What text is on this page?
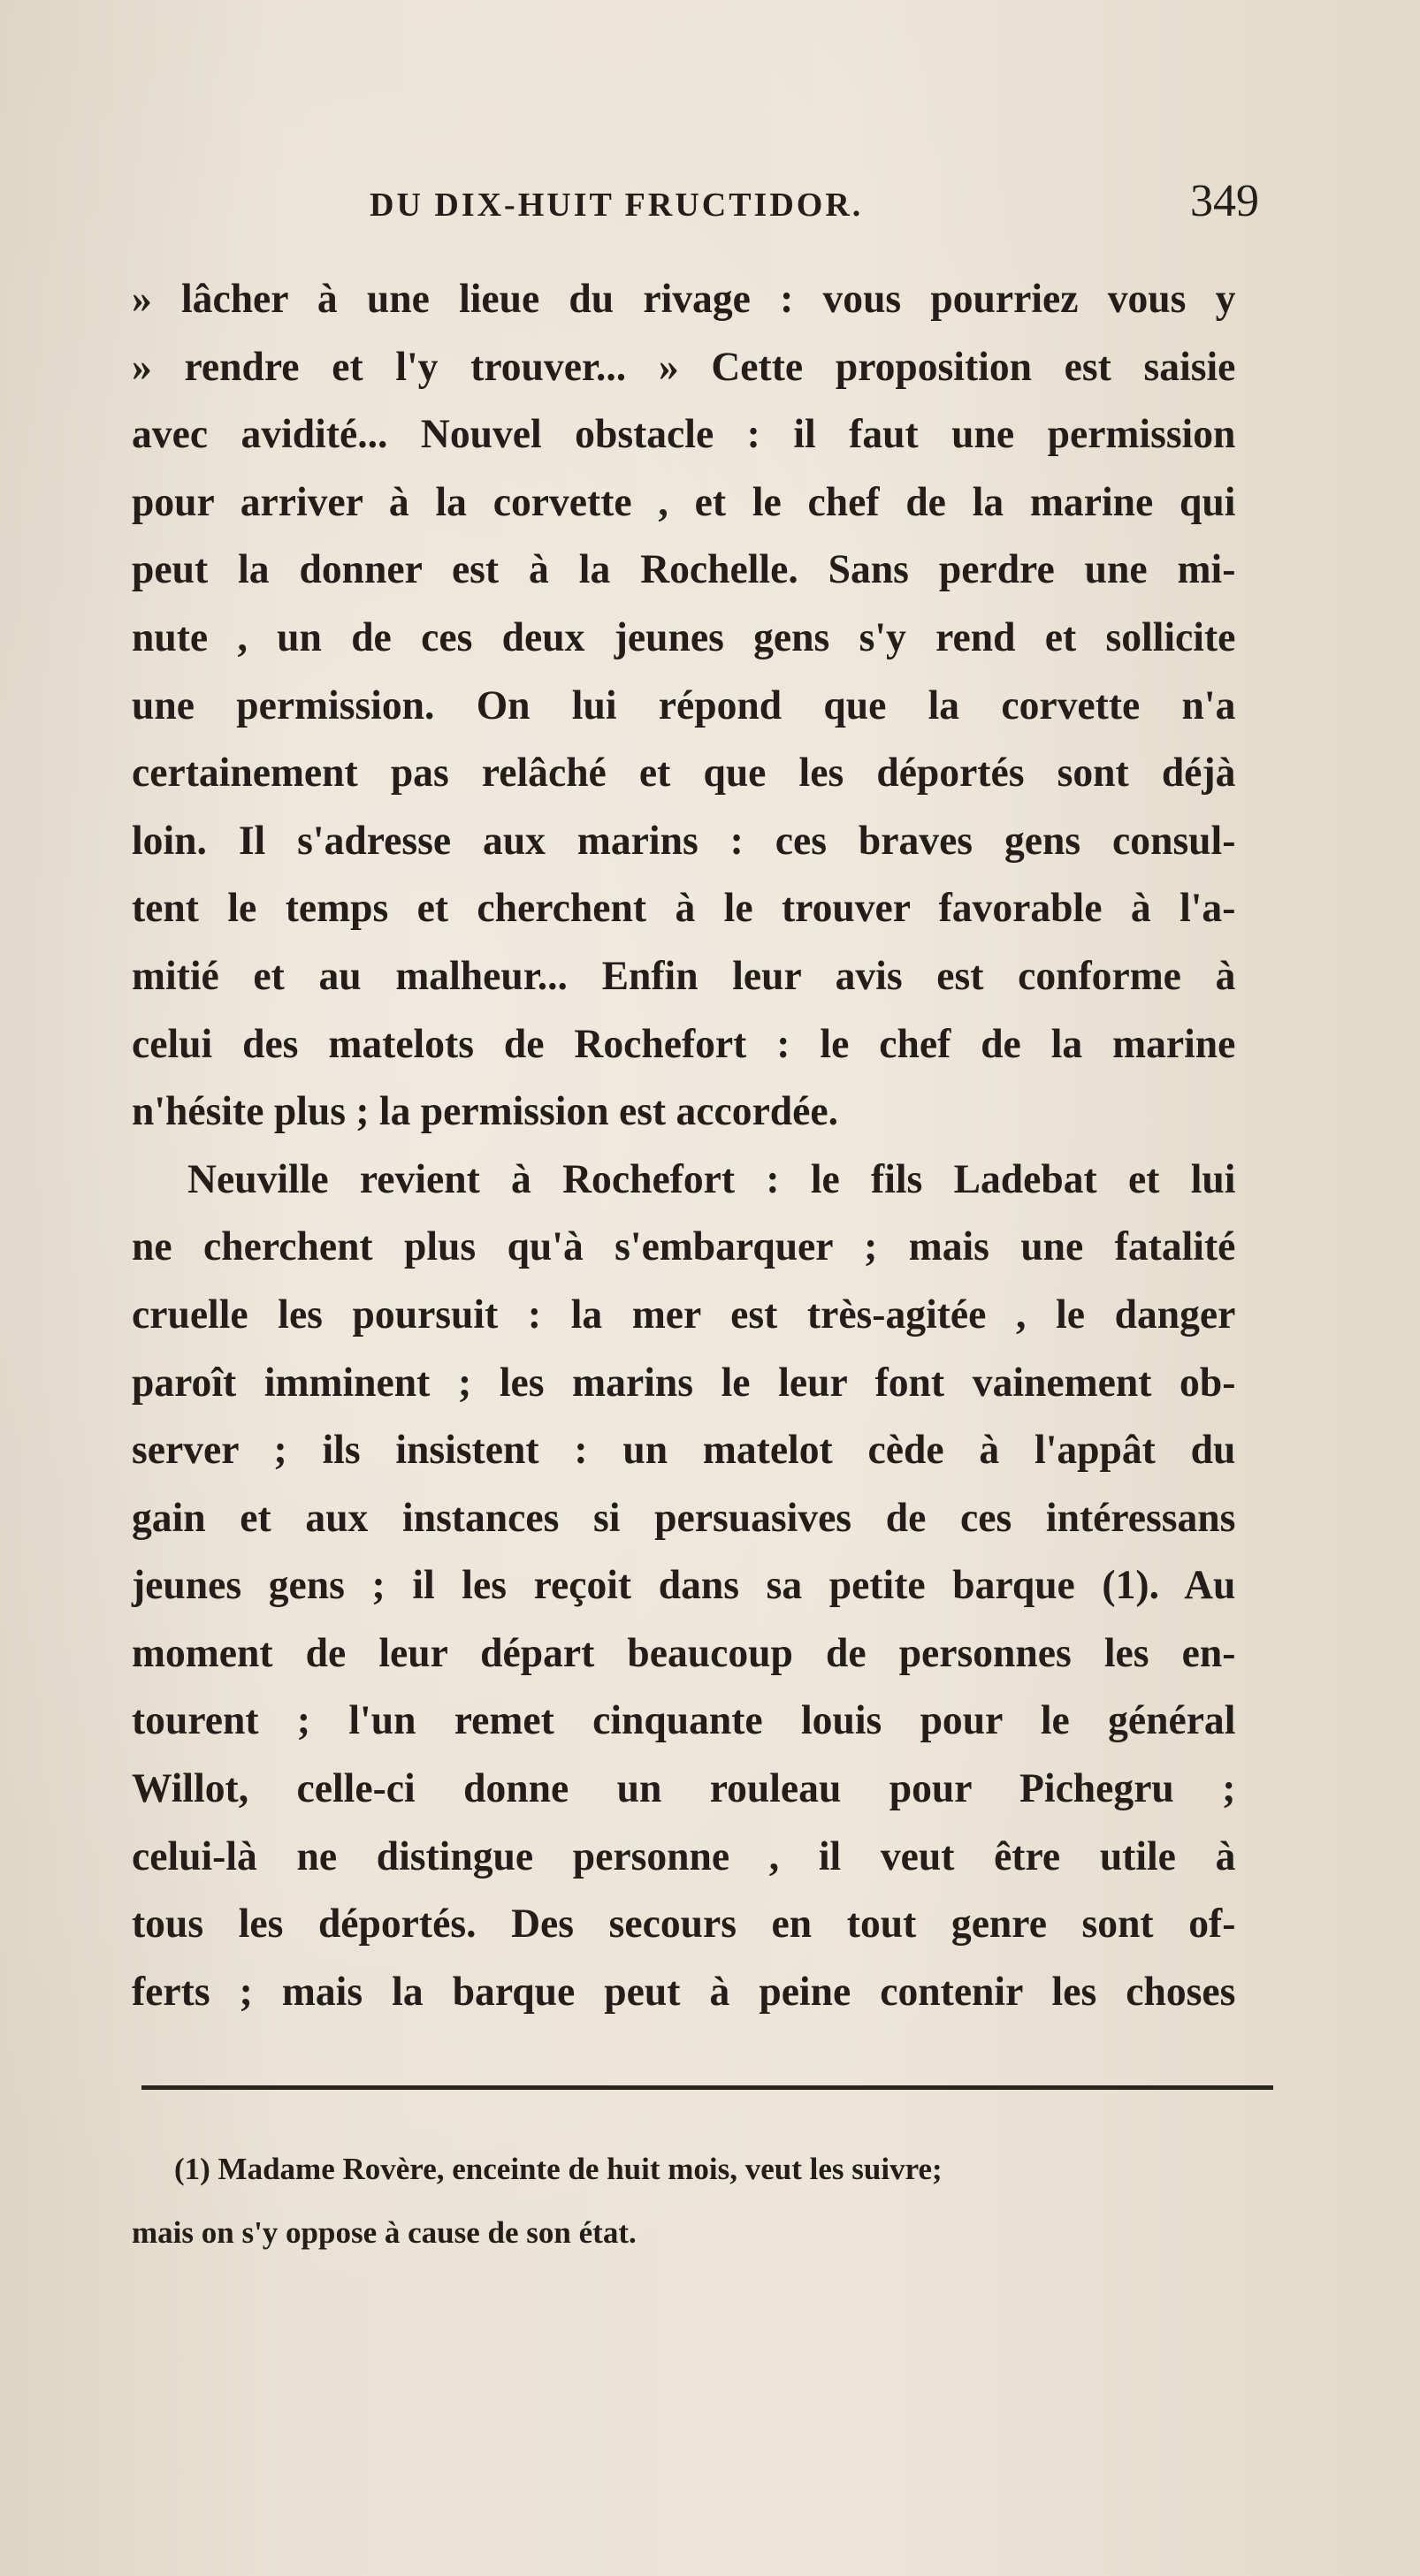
DU DIX-HUIT FRUCTIDOR.	349
» lâcher à une lieue du rivage : vous pourriez vous y
» rendre et l'y trouver... » Cette proposition est saisie
avec avidité... Nouvel obstacle : il faut une permission
pour arriver à la corvette , et le chef de la marine qui
peut la donner est à la Rochelle. Sans perdre une mi-
nute , un de ces deux jeunes gens s'y rend et sollicite
une permission. On lui répond que la corvette n'a
certainement pas relâché et que les déportés sont déjà
loin. Il s'adresse aux marins : ces braves gens consul-
tent le temps et cherchent à le trouver favorable à l'a-
mitié et au malheur... Enfin leur avis est conforme à
celui des matelots de Rochefort : le chef de la marine
n'hésite plus ; la permission est accordée.
Neuville revient à Rochefort : le fils Ladebat et lui
ne cherchent plus qu'à s'embarquer ; mais une fatalité
cruelle les poursuit : la mer est très-agitée , le danger
paroît imminent ; les marins le leur font vainement ob-
server ; ils insistent : un matelot cède à l'appât du
gain et aux instances si persuasives de ces intéressans
jeunes gens ; il les reçoit dans sa petite barque (1). Au
moment de leur départ beaucoup de personnes les en-
tourent ; l'un remet cinquante louis pour le général
Willot, celle-ci donne un rouleau pour Pichegru ;
celui-là ne distingue personne , il veut être utile à
tous les déportés. Des secours en tout genre sont of-
ferts ; mais la barque peut à peine contenir les choses
(1) Madame Rovère, enceinte de huit mois, veut les suivre;
mais on s'y oppose à cause de son état.
